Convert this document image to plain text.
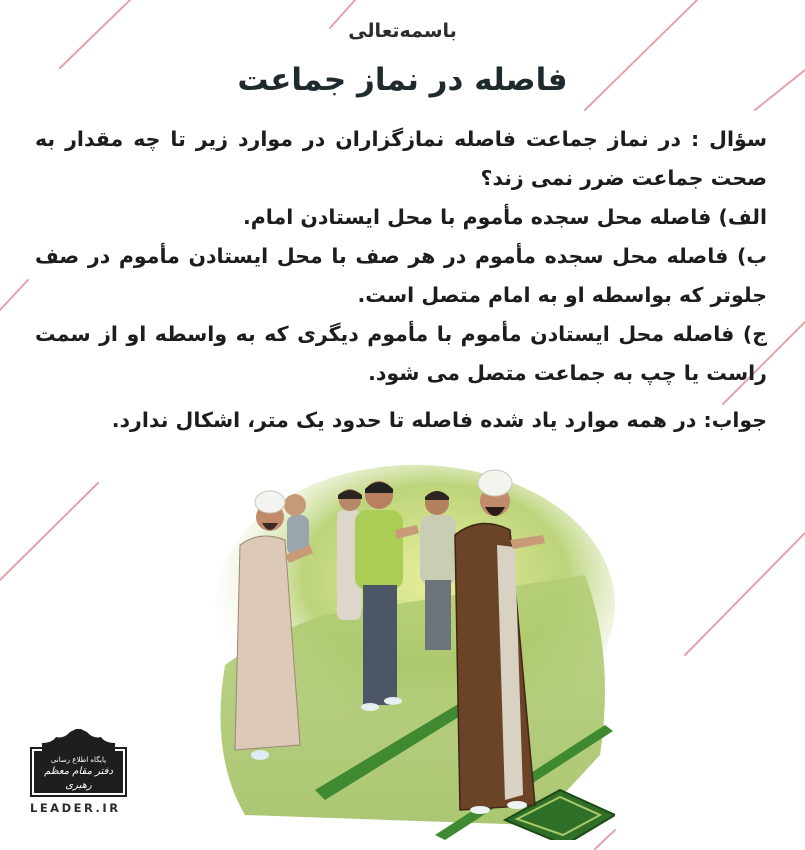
باسمه‌تعالی
فاصله در نماز جماعت

سؤال : در نماز جماعت فاصله نمازگزاران در موارد زیر تا چه مقدار به صحت جماعت ضرر نمی زند؟

الف) فاصله محل سجده مأموم با محل ایستادن امام.

ب) فاصله محل سجده مأموم در هر صف با محل ایستادن مأموم در صف جلوتر که بواسطه او به امام متصل است.

ج) فاصله محل ایستادن مأموم با مأموم دیگری که به واسطه او از سمت راست یا چپ به جماعت متصل می شود.

جواب: در همه موارد یاد شده فاصله تا حدود یک متر، اشکال ندارد.

پایگاه اطلاع رسانی
دفتر مقام معظم رهبری
LEADER.IR
